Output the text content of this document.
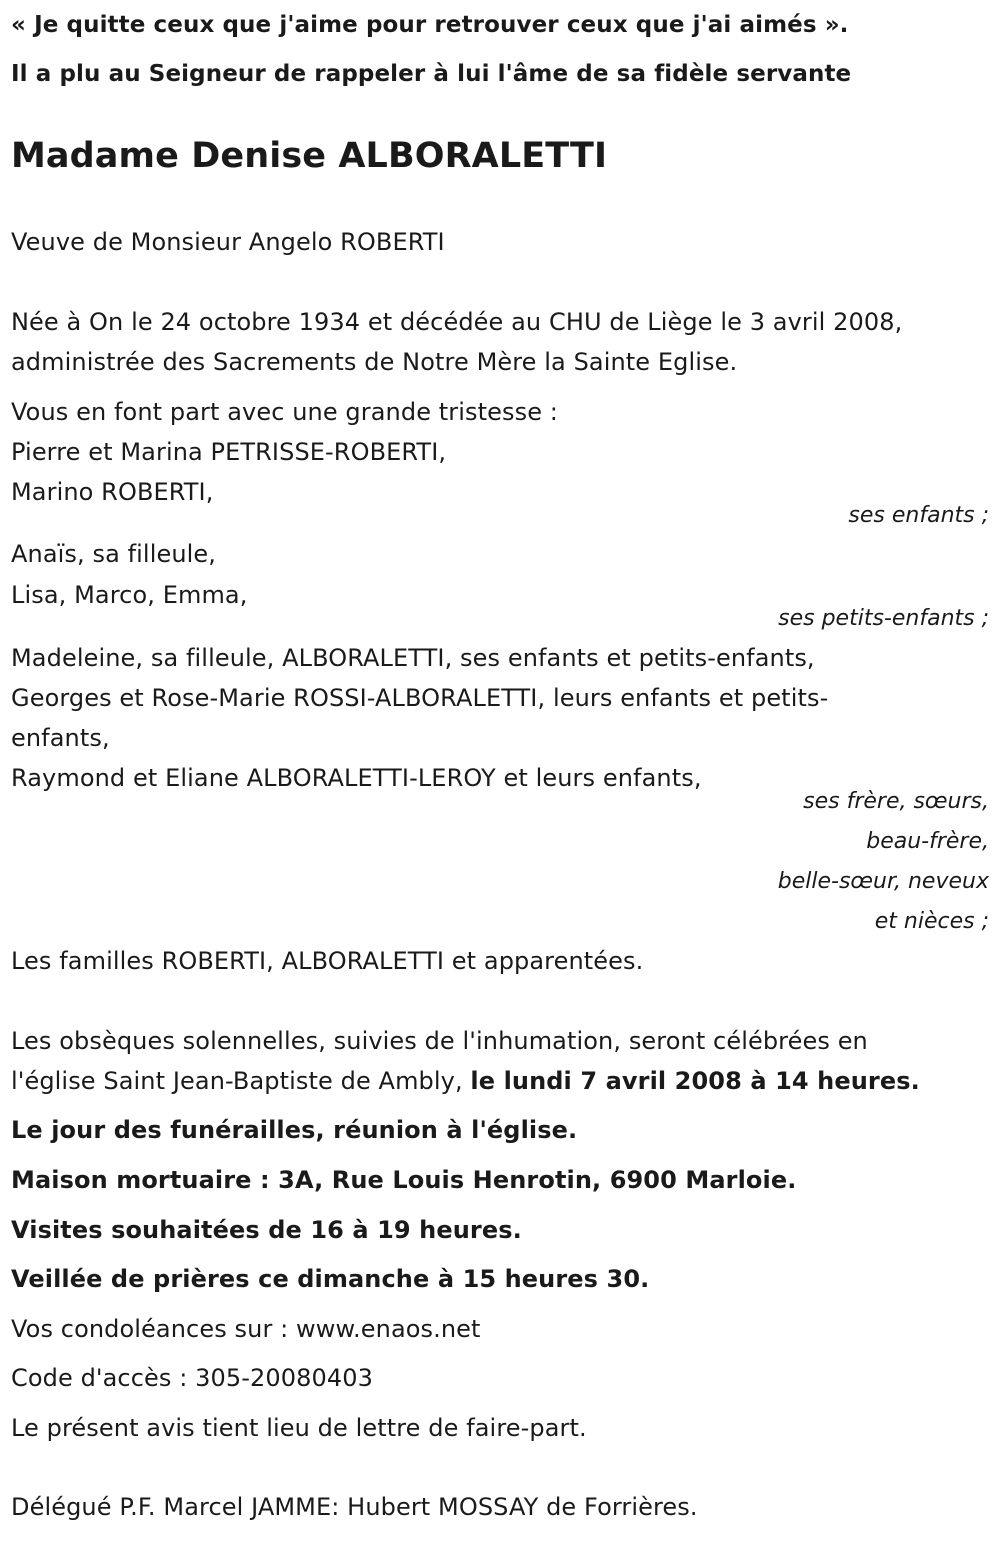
« Je quitte ceux que j'aime pour retrouver ceux que j'ai aimés ».
Il a plu au Seigneur de rappeler à lui l'âme de sa fidèle servante
Madame Denise ALBORALETTI
Veuve de Monsieur Angelo ROBERTI
Née à On le 24 octobre 1934 et décédée au CHU de Liège le 3 avril 2008,
administrée des Sacrements de Notre Mère la Sainte Eglise.
Vous en font part avec une grande tristesse :
Pierre et Marina PETRISSE-ROBERTI,
Marino ROBERTI,
ses enfants ;
Anaïs, sa filleule,
Lisa, Marco, Emma,
ses petits-enfants ;
Madeleine, sa filleule, ALBORALETTI, ses enfants et petits-enfants,
Georges et Rose-Marie ROSSI-ALBORALETTI, leurs enfants et petits-
enfants,
Raymond et Eliane ALBORALETTI-LEROY et leurs enfants,
ses frère, sœurs,
beau-frère,
belle-sœur, neveux
et nièces ;
Les familles ROBERTI, ALBORALETTI et apparentées.
Les obsèques solennelles, suivies de l'inhumation, seront célébrées en
l'église Saint Jean-Baptiste de Ambly, le lundi 7 avril 2008 à 14 heures.
Le jour des funérailles, réunion à l'église.
Maison mortuaire : 3A, Rue Louis Henrotin, 6900 Marloie.
Visites souhaitées de 16 à 19 heures.
Veillée de prières ce dimanche à 15 heures 30.
Vos condoléances sur : www.enaos.net
Code d'accès : 305-20080403
Le présent avis tient lieu de lettre de faire-part.
Délégué P.F. Marcel JAMME: Hubert MOSSAY de Forrières.
